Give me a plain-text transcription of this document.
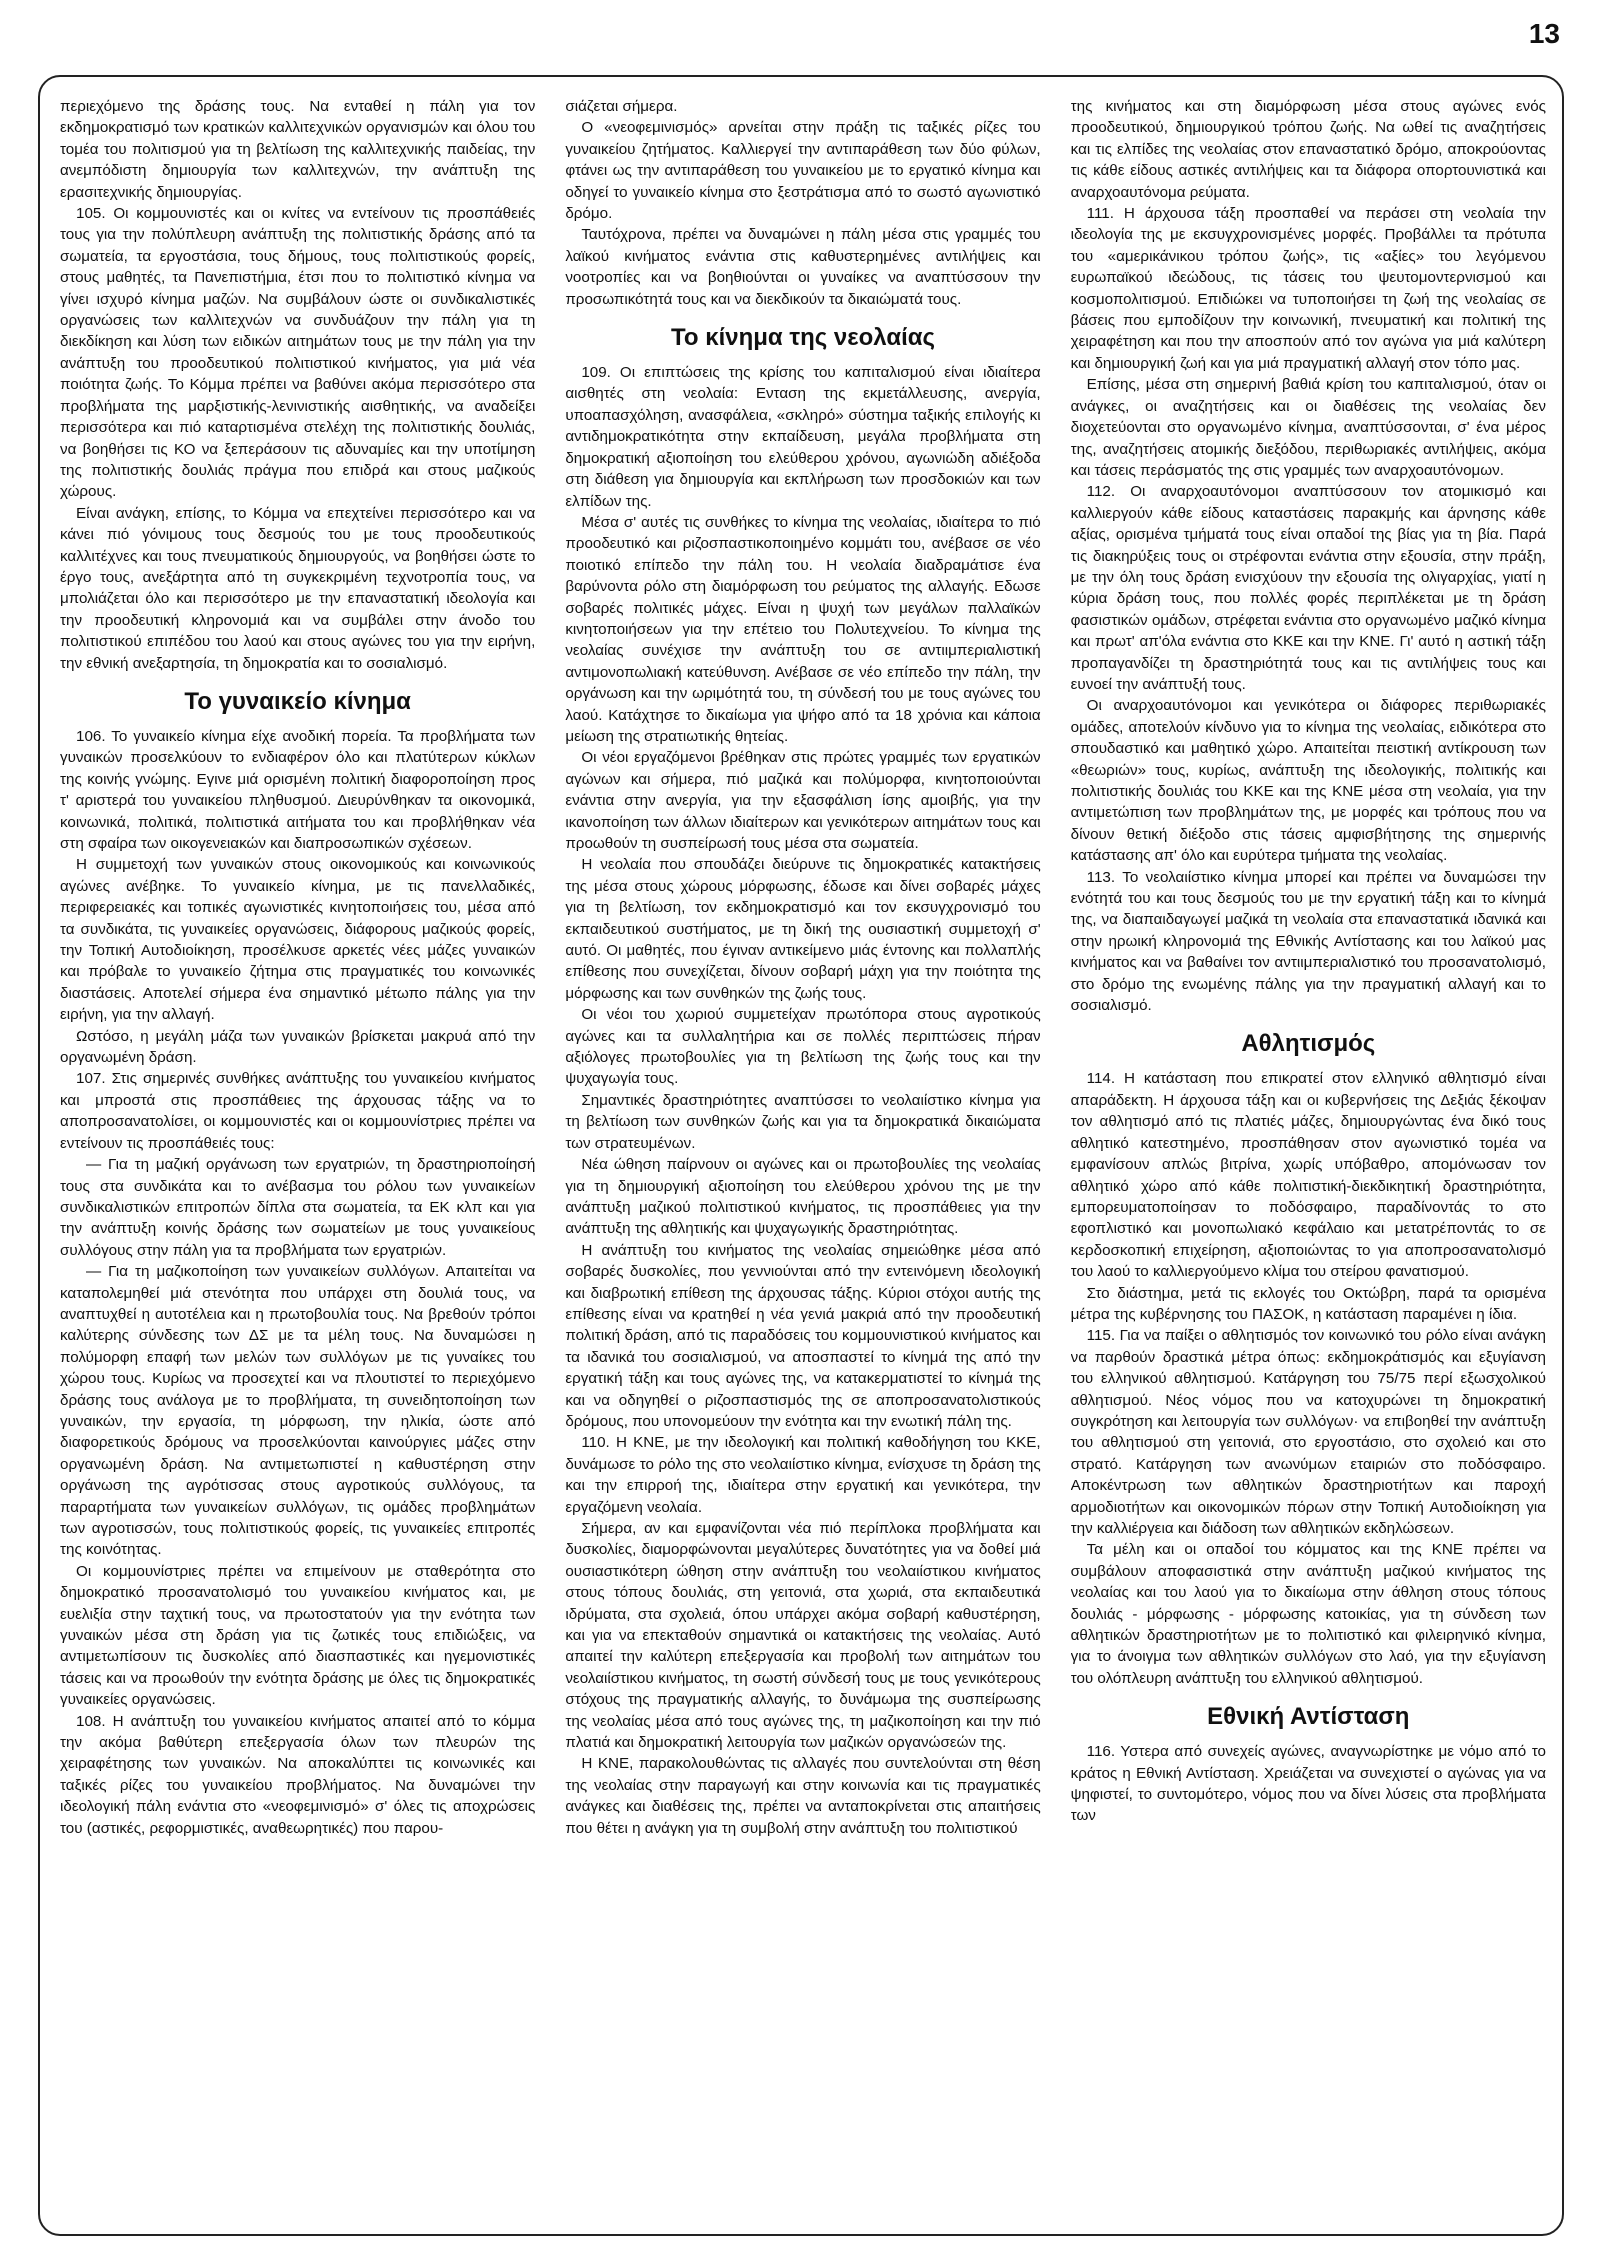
13

περιεχόμενο της δράσης τους. Να ενταθεί η πάλη για τον εκδημοκρατισμό των κρατικών καλλιτεχνικών οργανισμών και όλου του τομέα του πολιτισμού για τη βελτίωση της καλλιτεχνικής παιδείας, την ανεμπόδιστη δημιουργία των καλλιτεχνών, την ανάπτυξη της ερασιτεχνικής δημιουργίας.

105. Οι κομμουνιστές και οι κνίτες να εντείνουν τις προσπάθειές τους για την πολύπλευρη ανάπτυξη της πολιτιστικής δράσης από τα σωματεία, τα εργοστάσια, τους δήμους, τους πολιτιστικούς φορείς, στους μαθητές, τα Πανεπιστήμια, έτσι που το πολιτιστικό κίνημα να γίνει ισχυρό κίνημα μαζών. Να συμβάλουν ώστε οι συνδικαλιστικές οργανώσεις των καλλιτεχνών να συνδυάζουν την πάλη για τη διεκδίκηση και λύση των ειδικών αιτημάτων τους με την πάλη για την ανάπτυξη του προοδευτικού πολιτιστικού κινήματος, για μιά νέα ποιότητα ζωής. Το Κόμμα πρέπει να βαθύνει ακόμα περισσότερο στα προβλήματα της μαρξιστικής-λενινιστικής αισθητικής, να αναδείξει περισσότερα και πιό καταρτισμένα στελέχη της πολιτιστικής δουλιάς, να βοηθήσει τις ΚΟ να ξεπεράσουν τις αδυναμίες και την υποτίμηση της πολιτιστικής δουλιάς πράγμα που επιδρά και στους μαζικούς χώρους.

Είναι ανάγκη, επίσης, το Κόμμα να επεχτείνει περισσότερο και να κάνει πιό γόνιμους τους δεσμούς του με τους προοδευτικούς καλλιτέχνες και τους πνευματικούς δημιουργούς, να βοηθήσει ώστε το έργο τους, ανεξάρτητα από τη συγκεκριμένη τεχνοτροπία τους, να μπολιάζεται όλο και περισσότερο με την επαναστατική ιδεολογία και την προοδευτική κληρονομιά και να συμβάλει στην άνοδο του πολιτιστικού επιπέδου του λαού και στους αγώνες του για την ειρήνη, την εθνική ανεξαρτησία, τη δημοκρατία και το σοσιαλισμό.

Το γυναικείο κίνημα

106. Το γυναικείο κίνημα είχε ανοδική πορεία. Τα προβλήματα των γυναικών προσελκύουν το ενδιαφέρον όλο και πλατύτερων κύκλων της κοινής γνώμης. Εγινε μιά ορισμένη πολιτική διαφοροποίηση προς τ' αριστερά του γυναικείου πληθυσμού. Διευρύνθηκαν τα οικονομικά, κοινωνικά, πολιτικά, πολιτιστικά αιτήματα του και προβλήθηκαν νέα στη σφαίρα των οικογενειακών και διαπροσωπικών σχέσεων.

Η συμμετοχή των γυναικών στους οικονομικούς και κοινωνικούς αγώνες ανέβηκε. Το γυναικείο κίνημα, με τις πανελλαδικές, περιφερειακές και τοπικές αγωνιστικές κινητοποιήσεις του, μέσα από τα συνδικάτα, τις γυναικείες οργανώσεις, διάφορους μαζικούς φορείς, την Τοπική Αυτοδιοίκηση, προσέλκυσε αρκετές νέες μάζες γυναικών και πρόβαλε το γυναικείο ζήτημα στις πραγματικές του κοινωνικές διαστάσεις. Αποτελεί σήμερα ένα σημαντικό μέτωπο πάλης για την ειρήνη, για την αλλαγή.

Ωστόσο, η μεγάλη μάζα των γυναικών βρίσκεται μακρυά από την οργανωμένη δράση.

107. Στις σημερινές συνθήκες ανάπτυξης του γυναικείου κινήματος και μπροστά στις προσπάθειες της άρχουσας τάξης να το αποπροσανατολίσει, οι κομμουνιστές και οι κομμουνίστριες πρέπει να εντείνουν τις προσπάθειές τους:

— Για τη μαζική οργάνωση των εργατριών, τη δραστηριοποίησή τους στα συνδικάτα και το ανέβασμα του ρόλου των γυναικείων συνδικαλιστικών επιτροπών δίπλα στα σωματεία, τα ΕΚ κλπ και για την ανάπτυξη κοινής δράσης των σωματείων με τους γυναικείους συλλόγους στην πάλη για τα προβλήματα των εργατριών.

— Για τη μαζικοποίηση των γυναικείων συλλόγων. Απαιτείται να καταπολεμηθεί μιά στενότητα που υπάρχει στη δουλιά τους, να αναπτυχθεί η αυτοτέλεια και η πρωτοβουλία τους. Να βρεθούν τρόποι καλύτερης σύνδεσης των ΔΣ με τα μέλη τους. Να δυναμώσει η πολύμορφη επαφή των μελών των συλλόγων με τις γυναίκες του χώρου τους. Κυρίως να προσεχτεί και να πλουτιστεί το περιεχόμενο δράσης τους ανάλογα με το προβλήματα, τη συνειδητοποίηση των γυναικών, την εργασία, τη μόρφωση, την ηλικία, ώστε από διαφορετικούς δρόμους να προσελκύονται καινούργιες μάζες στην οργανωμένη δράση. Να αντιμετωπιστεί η καθυστέρηση στην οργάνωση της αγρότισσας στους αγροτικούς συλλόγους, τα παραρτήματα των γυναικείων συλλόγων, τις ομάδες προβλημάτων των αγροτισσών, τους πολιτιστικούς φορείς, τις γυναικείες επιτροπές της κοινότητας.

Οι κομμουνίστριες πρέπει να επιμείνουν με σταθερότητα στο δημοκρατικό προσανατολισμό του γυναικείου κινήματος και, με ευελιξία στην ταχτική τους, να πρωτοστατούν για την ενότητα των γυναικών μέσα στη δράση για τις ζωτικές τους επιδιώξεις, να αντιμετωπίσουν τις δυσκολίες από διασπαστικές και ηγεμονιστικές τάσεις και να προωθούν την ενότητα δράσης με όλες τις δημοκρατικές γυναικείες οργανώσεις.

108. Η ανάπτυξη του γυναικείου κινήματος απαιτεί από το κόμμα την ακόμα βαθύτερη επεξεργασία όλων των πλευρών της χειραφέτησης των γυναικών. Να αποκαλύπτει τις κοινωνικές και ταξικές ρίζες του γυναικείου προβλήματος. Να δυναμώνει την ιδεολογική πάλη ενάντια στο «νεοφεμινισμό» σ' όλες τις αποχρώσεις του (αστικές, ρεφορμιστικές, αναθεωρητικές) που παρου-

σιάζεται σήμερα.

Ο «νεοφεμινισμός» αρνείται στην πράξη τις ταξικές ρίζες του γυναικείου ζητήματος. Καλλιεργεί την αντιπαράθεση των δύο φύλων, φτάνει ως την αντιπαράθεση του γυναικείου με το εργατικό κίνημα και οδηγεί το γυναικείο κίνημα στο ξεστράτισμα από το σωστό αγωνιστικό δρόμο.

Ταυτόχρονα, πρέπει να δυναμώνει η πάλη μέσα στις γραμμές του λαϊκού κινήματος ενάντια στις καθυστερημένες αντιλήψεις και νοοτροπίες και να βοηθιούνται οι γυναίκες να αναπτύσσουν την προσωπικότητά τους και να διεκδικούν τα δικαιώματά τους.

Το κίνημα της νεολαίας

109. Οι επιπτώσεις της κρίσης του καπιταλισμού είναι ιδιαίτερα αισθητές στη νεολαία: Ενταση της εκμετάλλευσης, ανεργία, υποαπασχόληση, ανασφάλεια, «σκληρό» σύστημα ταξικής επιλογής κι αντιδημοκρατικότητα στην εκπαίδευση, μεγάλα προβλήματα στη δημοκρατική αξιοποίηση του ελεύθερου χρόνου, αγωνιώδη αδιέξοδα στη διάθεση για δημιουργία και εκπλήρωση των προσδοκιών και των ελπίδων της.

Μέσα σ' αυτές τις συνθήκες το κίνημα της νεολαίας, ιδιαίτερα το πιό προοδευτικό και ριζοσπαστικοποιημένο κομμάτι του, ανέβασε σε νέο ποιοτικό επίπεδο την πάλη του. Η νεολαία διαδραμάτισε ένα βαρύνοντα ρόλο στη διαμόρφωση του ρεύματος της αλλαγής. Εδωσε σοβαρές πολιτικές μάχες. Είναι η ψυχή των μεγάλων παλλαϊκών κινητοποιήσεων για την επέτειο του Πολυτεχνείου. Το κίνημα της νεολαίας συνέχισε την ανάπτυξη του σε αντιιμπεριαλιστική αντιμονοπωλιακή κατεύθυνση. Ανέβασε σε νέο επίπεδο την πάλη, την οργάνωση και την ωριμότητά του, τη σύνδεσή του με τους αγώνες του λαού. Κατάχτησε το δικαίωμα για ψήφο από τα 18 χρόνια και κάποια μείωση της στρατιωτικής θητείας.

Οι νέοι εργαζόμενοι βρέθηκαν στις πρώτες γραμμές των εργατικών αγώνων και σήμερα, πιό μαζικά και πολύμορφα, κινητοποιούνται ενάντια στην ανεργία, για την εξασφάλιση ίσης αμοιβής, για την ικανοποίηση των άλλων ιδιαίτερων και γενικότερων αιτημάτων τους και προωθούν τη συσπείρωσή τους μέσα στα σωματεία.

Η νεολαία που σπουδάζει διεύρυνε τις δημοκρατικές κατακτήσεις της μέσα στους χώρους μόρφωσης, έδωσε και δίνει σοβαρές μάχες για τη βελτίωση, τον εκδημοκρατισμό και τον εκσυγχρονισμό του εκπαιδευτικού συστήματος, με τη δική της ουσιαστική συμμετοχή σ' αυτό. Οι μαθητές, που έγιναν αντικείμενο μιάς έντονης και πολλαπλής επίθεσης που συνεχίζεται, δίνουν σοβαρή μάχη για την ποιότητα της μόρφωσης και των συνθηκών της ζωής τους.

Οι νέοι του χωριού συμμετείχαν πρωτόπορα στους αγροτικούς αγώνες και τα συλλαλητήρια και σε πολλές περιπτώσεις πήραν αξιόλογες πρωτοβουλίες για τη βελτίωση της ζωής τους και την ψυχαγωγία τους.

Σημαντικές δραστηριότητες αναπτύσσει το νεολαιίστικο κίνημα για τη βελτίωση των συνθηκών ζωής και για τα δημοκρατικά δικαιώματα των στρατευμένων.

Νέα ώθηση παίρνουν οι αγώνες και οι πρωτοβουλίες της νεολαίας για τη δημιουργική αξιοποίηση του ελεύθερου χρόνου της με την ανάπτυξη μαζικού πολιτιστικού κινήματος, τις προσπάθειες για την ανάπτυξη της αθλητικής και ψυχαγωγικής δραστηριότητας.

Η ανάπτυξη του κινήματος της νεολαίας σημειώθηκε μέσα από σοβαρές δυσκολίες, που γεννιούνται από την εντεινόμενη ιδεολογική και διαβρωτική επίθεση της άρχουσας τάξης. Κύριοι στόχοι αυτής της επίθεσης είναι να κρατηθεί η νέα γενιά μακριά από την προοδευτική πολιτική δράση, από τις παραδόσεις του κομμουνιστικού κινήματος και τα ιδανικά του σοσιαλισμού, να αποσπαστεί το κίνημά της από την εργατική τάξη και τους αγώνες της, να κατακερματιστεί το κίνημά της και να οδηγηθεί ο ριζοσπαστισμός της σε αποπροσανατολιστικούς δρόμους, που υπονομεύουν την ενότητα και την ενωτική πάλη της.

110. Η ΚΝΕ, με την ιδεολογική και πολιτική καθοδήγηση του ΚΚΕ, δυνάμωσε το ρόλο της στο νεολαιίστικο κίνημα, ενίσχυσε τη δράση της και την επιρροή της, ιδιαίτερα στην εργατική και γενικότερα, την εργαζόμενη νεολαία.

Σήμερα, αν και εμφανίζονται νέα πιό περίπλοκα προβλήματα και δυσκολίες, διαμορφώνονται μεγαλύτερες δυνατότητες για να δοθεί μιά ουσιαστικότερη ώθηση στην ανάπτυξη του νεολαιίστικου κινήματος στους τόπους δουλιάς, στη γειτονιά, στα χωριά, στα εκπαιδευτικά ιδρύματα, στα σχολειά, όπου υπάρχει ακόμα σοβαρή καθυστέρηση, και για να επεκταθούν σημαντικά οι κατακτήσεις της νεολαίας. Αυτό απαιτεί την καλύτερη επεξεργασία και προβολή των αιτημάτων του νεολαιίστικου κινήματος, τη σωστή σύνδεσή τους με τους γενικότερους στόχους της πραγματικής αλλαγής, το δυνάμωμα της συσπείρωσης της νεολαίας μέσα από τους αγώνες της, τη μαζικοποίηση και την πιό πλατιά και δημοκρατική λειτουργία των μαζικών οργανώσεών της.

Η ΚΝΕ, παρακολουθώντας τις αλλαγές που συντελούνται στη θέση της νεολαίας στην παραγωγή και στην κοινωνία και τις πραγματικές ανάγκες και διαθέσεις της, πρέπει να ανταποκρίνεται στις απαιτήσεις που θέτει η ανάγκη για τη συμβολή στην ανάπτυξη του πολιτιστικού

της κινήματος και στη διαμόρφωση μέσα στους αγώνες ενός προοδευτικού, δημιουργικού τρόπου ζωής. Να ωθεί τις αναζητήσεις και τις ελπίδες της νεολαίας στον επαναστατικό δρόμο, αποκρούοντας τις κάθε είδους αστικές αντιλήψεις και τα διάφορα οπορτουνιστικά και αναρχοαυτόνομα ρεύματα.

111. Η άρχουσα τάξη προσπαθεί να περάσει στη νεολαία την ιδεολογία της με εκσυγχρονισμένες μορφές. Προβάλλει τα πρότυπα του «αμερικάνικου τρόπου ζωής», τις «αξίες» του λεγόμενου ευρωπαϊκού ιδεώδους, τις τάσεις του ψευτομοντερνισμού και κοσμοπολιτισμού. Επιδιώκει να τυποποιήσει τη ζωή της νεολαίας σε βάσεις που εμποδίζουν την κοινωνική, πνευματική και πολιτική της χειραφέτηση και που την αποσπούν από τον αγώνα για μιά καλύτερη και δημιουργική ζωή και για μιά πραγματική αλλαγή στον τόπο μας.

Επίσης, μέσα στη σημερινή βαθιά κρίση του καπιταλισμού, όταν οι ανάγκες, οι αναζητήσεις και οι διαθέσεις της νεολαίας δεν διοχετεύονται στο οργανωμένο κίνημα, αναπτύσσονται, σ' ένα μέρος της, αναζητήσεις ατομικής διεξόδου, περιθωριακές αντιλήψεις, ακόμα και τάσεις περάσματός της στις γραμμές των αναρχοαυτόνομων.

112. Οι αναρχοαυτόνομοι αναπτύσσουν τον ατομικισμό και καλλιεργούν κάθε είδους καταστάσεις παρακμής και άρνησης κάθε αξίας, ορισμένα τμήματά τους είναι οπαδοί της βίας για τη βία. Παρά τις διακηρύξεις τους οι στρέφονται ενάντια στην εξουσία, στην πράξη, με την όλη τους δράση ενισχύουν την εξουσία της ολιγαρχίας, γιατί η κύρια δράση τους, που πολλές φορές περιπλέκεται με τη δράση φασιστικών ομάδων, στρέφεται ενάντια στο οργανωμένο μαζικό κίνημα και πρωτ' απ'όλα ενάντια στο ΚΚΕ και την ΚΝΕ. Γι' αυτό η αστική τάξη προπαγανδίζει τη δραστηριότητά τους και τις αντιλήψεις τους και ευνοεί την ανάπτυξή τους.

Οι αναρχοαυτόνομοι και γενικότερα οι διάφορες περιθωριακές ομάδες, αποτελούν κίνδυνο για το κίνημα της νεολαίας, ειδικότερα στο σπουδαστικό και μαθητικό χώρο. Απαιτείται πειστική αντίκρουση των «θεωριών» τους, κυρίως, ανάπτυξη της ιδεολογικής, πολιτικής και πολιτιστικής δουλιάς του ΚΚΕ και της ΚΝΕ μέσα στη νεολαία, για την αντιμετώπιση των προβλημάτων της, με μορφές και τρόπους που να δίνουν θετική διέξοδο στις τάσεις αμφισβήτησης της σημερινής κατάστασης απ' όλο και ευρύτερα τμήματα της νεολαίας.

113. Το νεολαιίστικο κίνημα μπορεί και πρέπει να δυναμώσει την ενότητά του και τους δεσμούς του με την εργατική τάξη και το κίνημά της, να διαπαιδαγωγεί μαζικά τη νεολαία στα επαναστατικά ιδανικά και στην ηρωική κληρονομιά της Εθνικής Αντίστασης και του λαϊκού μας κινήματος και να βαθαίνει τον αντιιμπεριαλιστικό του προσανατολισμό, στο δρόμο της ενωμένης πάλης για την πραγματική αλλαγή και το σοσιαλισμό.

Αθλητισμός

114. Η κατάσταση που επικρατεί στον ελληνικό αθλητισμό είναι απαράδεκτη. Η άρχουσα τάξη και οι κυβερνήσεις της Δεξιάς ξέκοψαν τον αθλητισμό από τις πλατιές μάζες, δημιουργώντας ένα δικό τους αθλητικό κατεστημένο, προσπάθησαν στον αγωνιστικό τομέα να εμφανίσουν απλώς βιτρίνα, χωρίς υπόβαθρο, απομόνωσαν τον αθλητικό χώρο από κάθε πολιτιστική-διεκδικητική δραστηριότητα, εμπορευματοποίησαν το ποδόσφαιρο, παραδίνοντάς το στο εφοπλιστικό και μονοπωλιακό κεφάλαιο και μετατρέποντάς το σε κερδοσκοπική επιχείρηση, αξιοποιώντας το για αποπροσανατολισμό του λαού το καλλιεργούμενο κλίμα του στείρου φανατισμού.

Στο διάστημα, μετά τις εκλογές του Οκτώβρη, παρά τα ορισμένα μέτρα της κυβέρνησης του ΠΑΣΟΚ, η κατάσταση παραμένει η ίδια.

115. Για να παίξει ο αθλητισμός τον κοινωνικό του ρόλο είναι ανάγκη να παρθούν δραστικά μέτρα όπως: εκδημοκράτισμός και εξυγίανση του ελληνικού αθλητισμού. Κατάργηση του 75/75 περί εξωσχολικού αθλητισμού. Νέος νόμος που να κατοχυρώνει τη δημοκρατική συγκρότηση και λειτουργία των συλλόγων· να επιβοηθεί την ανάπτυξη του αθλητισμού στη γειτονιά, στο εργοστάσιο, στο σχολειό και στο στρατό. Κατάργηση των ανωνύμων εταιριών στο ποδόσφαιρο. Αποκέντρωση των αθλητικών δραστηριοτήτων και παροχή αρμοδιοτήτων και οικονομικών πόρων στην Τοπική Αυτοδιοίκηση για την καλλιέργεια και διάδοση των αθλητικών εκδηλώσεων.

Τα μέλη και οι οπαδοί του κόμματος και της ΚΝΕ πρέπει να συμβάλουν αποφασιστικά στην ανάπτυξη μαζικού κινήματος της νεολαίας και του λαού για το δικαίωμα στην άθληση στους τόπους δουλιάς - μόρφωσης - μόρφωσης κατοικίας, για τη σύνδεση των αθλητικών δραστηριοτήτων με το πολιτιστικό και φιλειρηνικό κίνημα, για το άνοιγμα των αθλητικών συλλόγων στο λαό, για την εξυγίανση του ολόπλευρη ανάπτυξη του ελληνικού αθλητισμού.

Εθνική Αντίσταση

116. Υστερα από συνεχείς αγώνες, αναγνωρίστηκε με νόμο από το κράτος η Εθνική Αντίσταση. Χρειάζεται να συνεχιστεί ο αγώνας για να ψηφιστεί, το συντομότερο, νόμος που να δίνει λύσεις στα προβλήματα των
